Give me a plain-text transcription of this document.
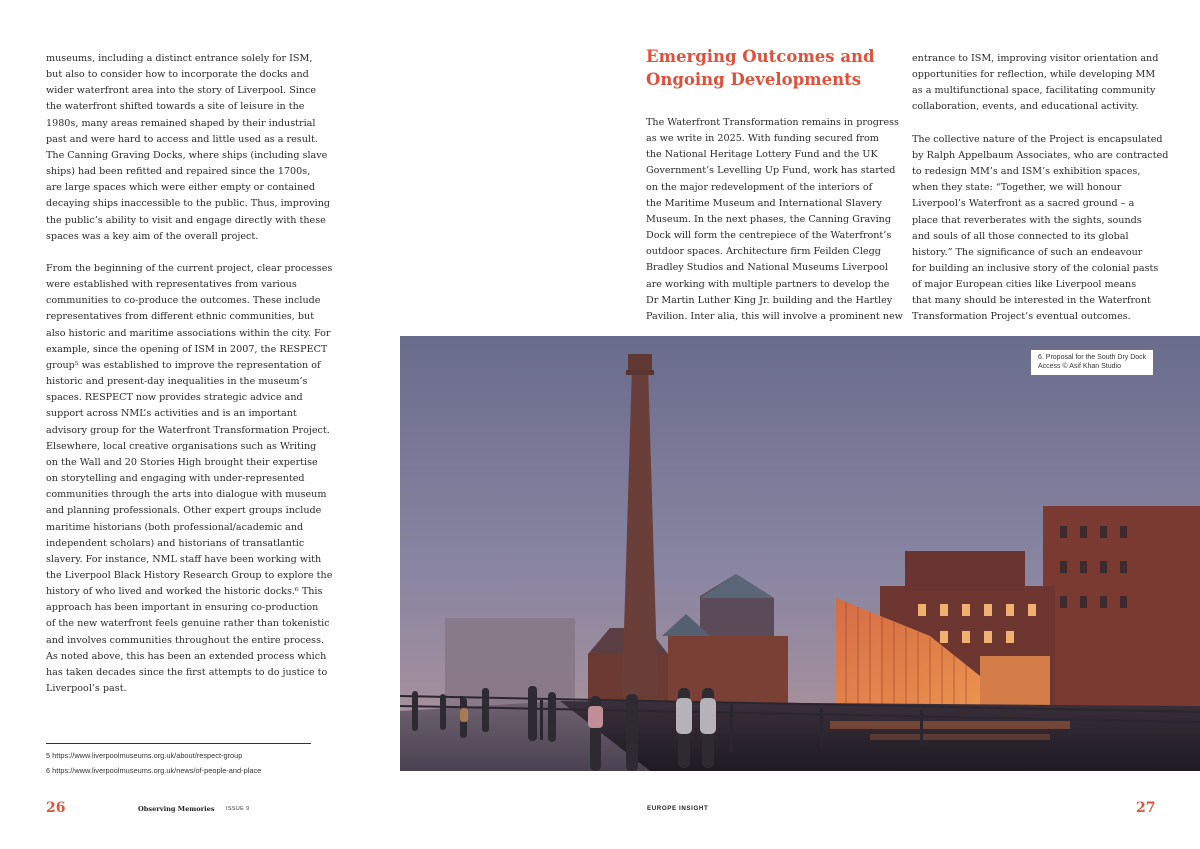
museums, including a distinct entrance solely for ISM,
but also to consider how to incorporate the docks and
wider waterfront area into the story of Liverpool. Since
the waterfront shifted towards a site of leisure in the
1980s, many areas remained shaped by their industrial
past and were hard to access and little used as a result.
The Canning Graving Docks, where ships (including slave
ships) had been refitted and repaired since the 1700s,
are large spaces which were either empty or contained
decaying ships inaccessible to the public. Thus, improving
the public’s ability to visit and engage directly with these
spaces was a key aim of the overall project.

From the beginning of the current project, clear processes
were established with representatives from various
communities to co-produce the outcomes. These include
representatives from different ethnic communities, but
also historic and maritime associations within the city. For
example, since the opening of ISM in 2007, the RESPECT
group⁵ was established to improve the representation of
historic and present-day inequalities in the museum’s
spaces. RESPECT now provides strategic advice and
support across NML’s activities and is an important
advisory group for the Waterfront Transformation Project.
Elsewhere, local creative organisations such as Writing
on the Wall and 20 Stories High brought their expertise
on storytelling and engaging with under-represented
communities through the arts into dialogue with museum
and planning professionals. Other expert groups include
maritime historians (both professional/academic and
independent scholars) and historians of transatlantic
slavery. For instance, NML staff have been working with
the Liverpool Black History Research Group to explore the
history of who lived and worked the historic docks.⁶ This
approach has been important in ensuring co-production
of the new waterfront feels genuine rather than tokenistic
and involves communities throughout the entire process.
As noted above, this has been an extended process which
has taken decades since the first attempts to do justice to
Liverpool’s past.

5 https://www.liverpoolmuseums.org.uk/about/respect-group
6 https://www.liverpoolmuseums.org.uk/news/of-people-and-place
Emerging Outcomes and Ongoing Developments

The Waterfront Transformation remains in progress
as we write in 2025. With funding secured from
the National Heritage Lottery Fund and the UK
Government’s Levelling Up Fund, work has started
on the major redevelopment of the interiors of
the Maritime Museum and International Slavery
Museum. In the next phases, the Canning Graving
Dock will form the centrepiece of the Waterfront’s
outdoor spaces. Architecture firm Feilden Clegg
Bradley Studios and National Museums Liverpool
are working with multiple partners to develop the
Dr Martin Luther King Jr. building and the Hartley
Pavilion. Inter alia, this will involve a prominent new

entrance to ISM, improving visitor orientation and
opportunities for reflection, while developing MM
as a multifunctional space, facilitating community
collaboration, events, and educational activity.

The collective nature of the Project is encapsulated
by Ralph Appelbaum Associates, who are contracted
to redesign MM’s and ISM’s exhibition spaces,
when they state: “Together, we will honour
Liverpool’s Waterfront as a sacred ground – a
place that reverberates with the sights, sounds
and souls of all those connected to its global
history.” The significance of such an endeavour
for building an inclusive story of the colonial pasts
of major European cities like Liverpool means
that many should be interested in the Waterfront
Transformation Project’s eventual outcomes.

6. Proposal for the South Dry Dock
Access © Asif Khan Studio
26	Observing Memories ISSUE 9	EUROPE INSIGHT	27
